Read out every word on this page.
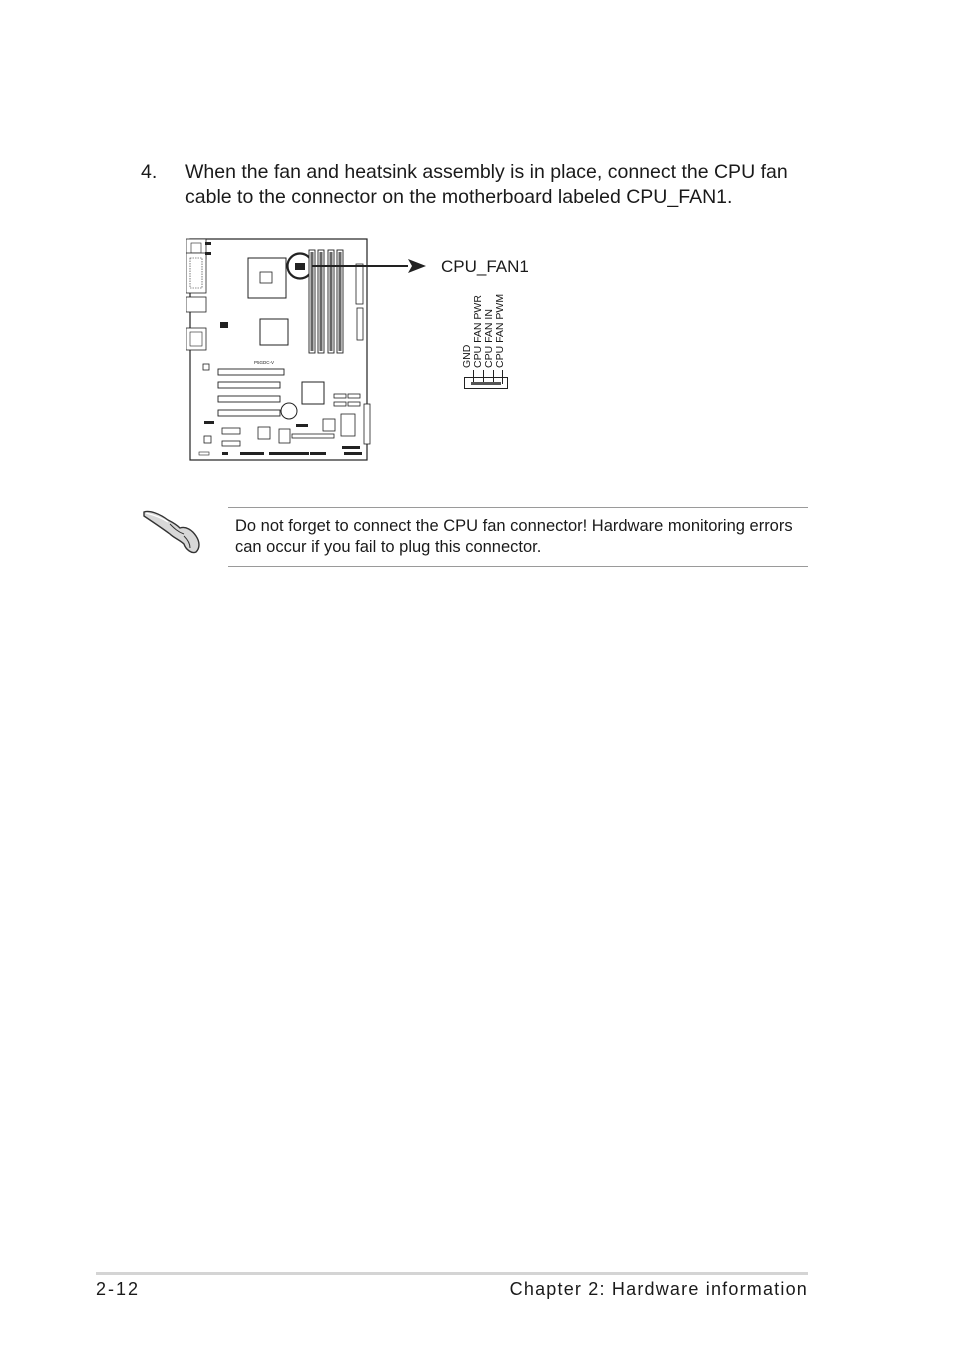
4. When the fan and heatsink assembly is in place, connect the CPU fan cable to the connector on the motherboard labeled CPU_FAN1.
P5GDC-V
CPU_FAN1
GND CPU FAN PWR CPU FAN IN CPU FAN PWM
Do not forget to connect the CPU fan connector! Hardware monitoring errors can occur if you fail to plug this connector.
2-12	Chapter 2: Hardware information
